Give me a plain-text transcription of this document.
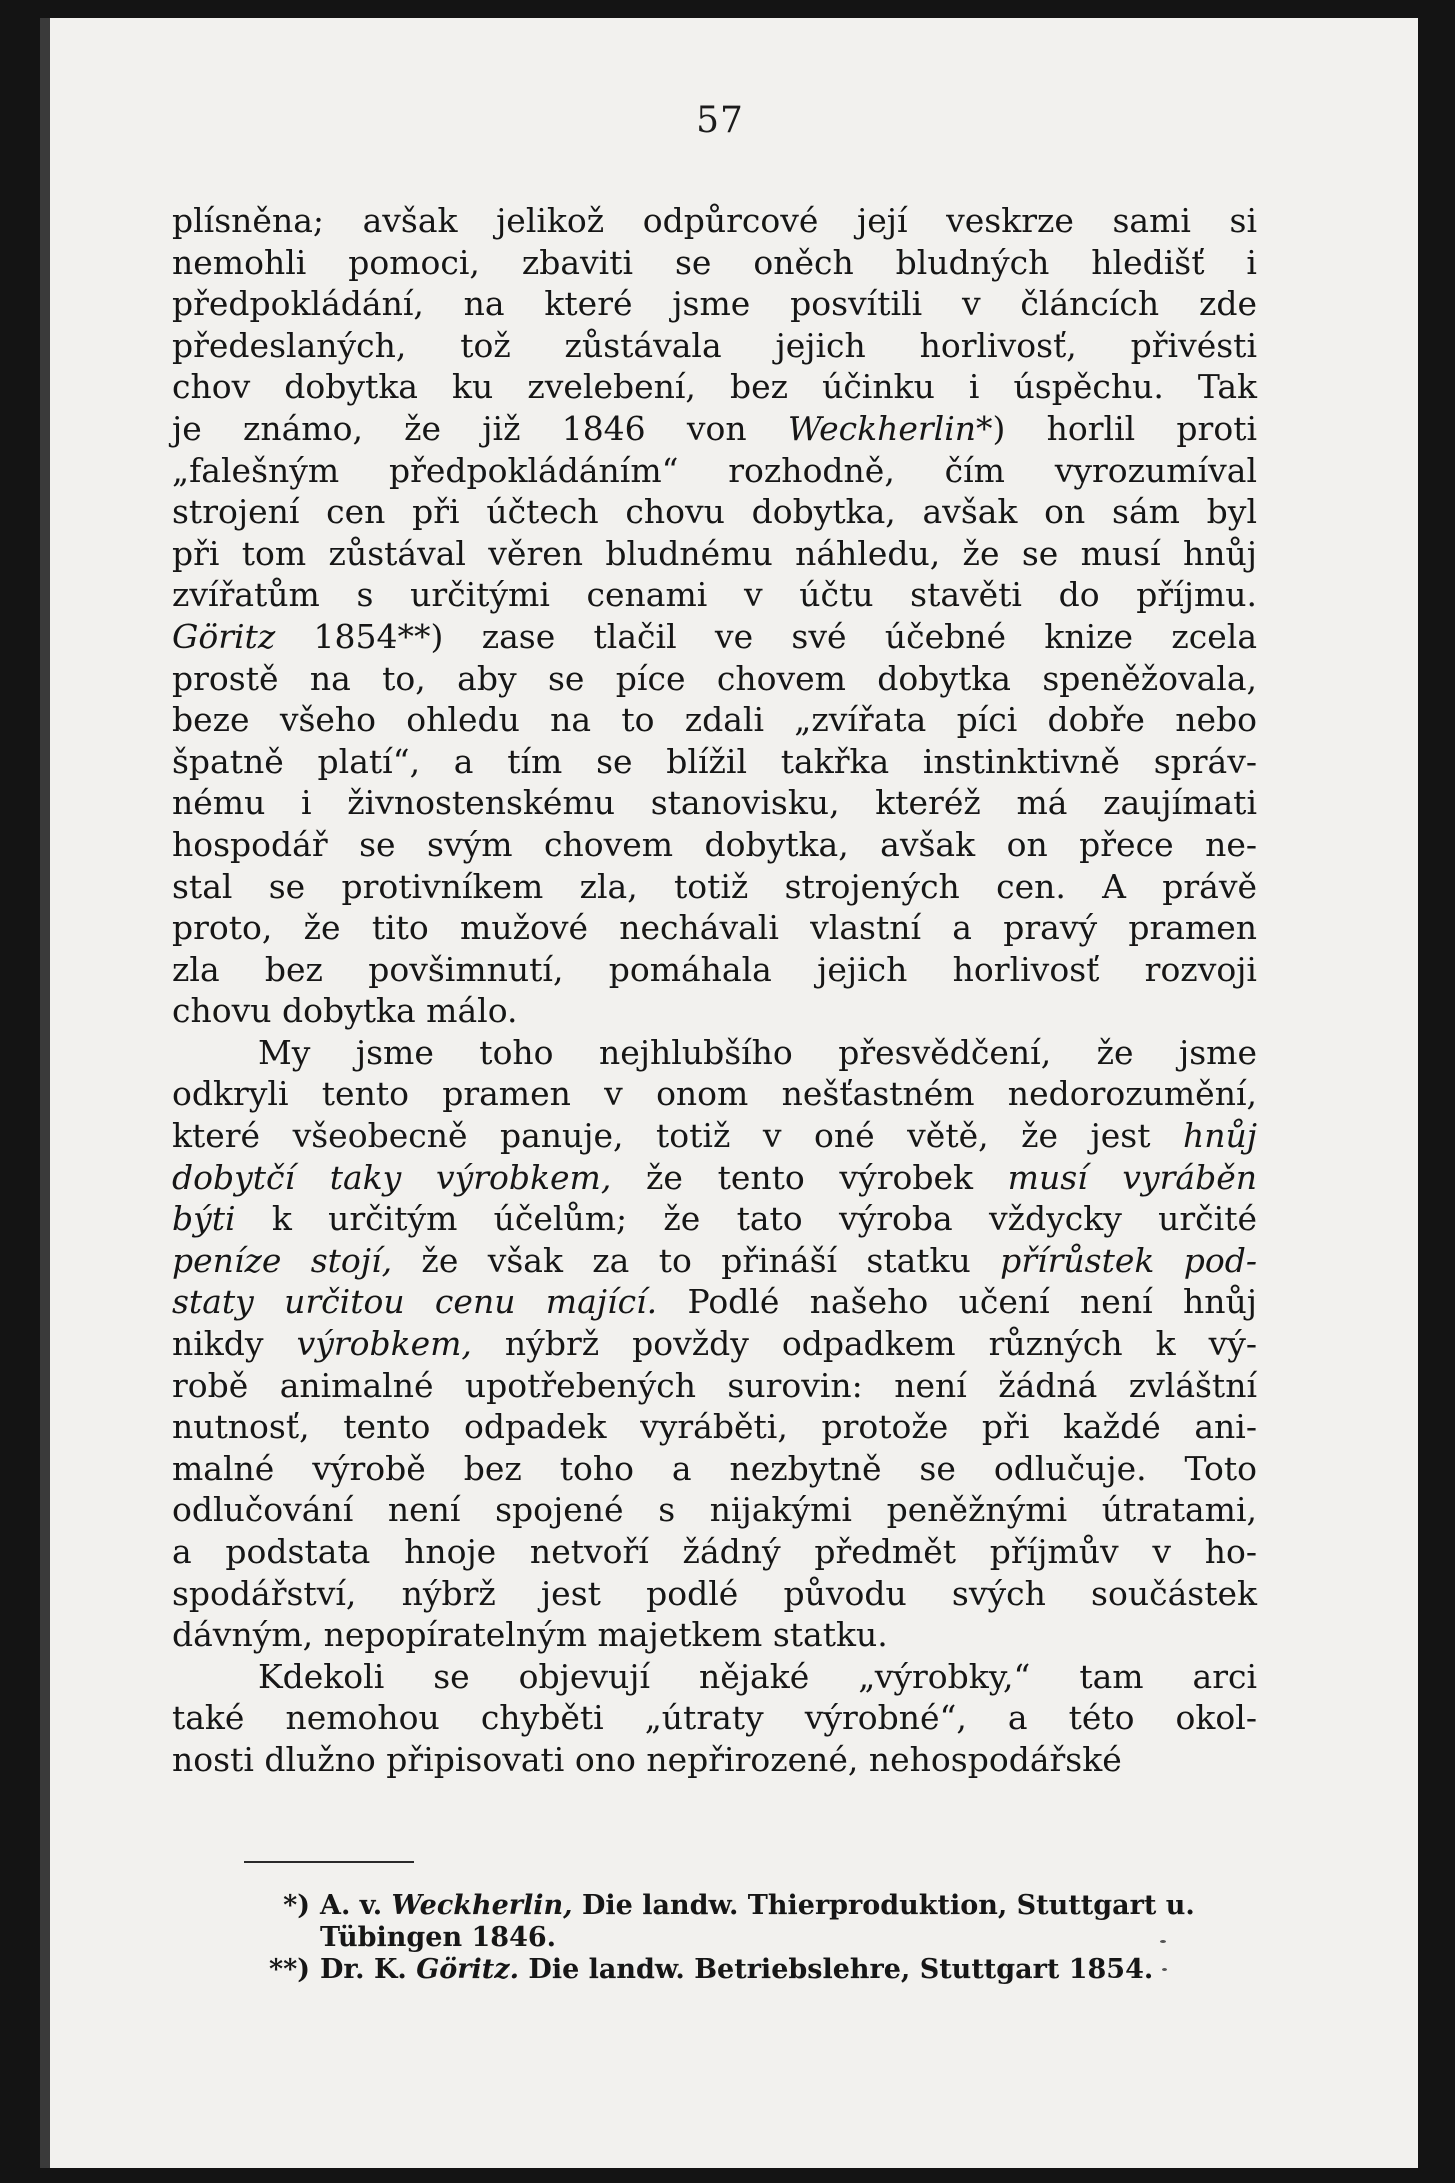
57
plísněna; avšak jelikož odpůrcové její veskrze sami si
nemohli pomoci, zbaviti se oněch bludných hledišť i
předpokládání, na které jsme posvítili v článcích zde
předeslaných, tož zůstávala jejich horlivosť, přivésti
chov dobytka ku zvelebení, bez účinku i úspěchu. Tak
je známo, že již 1846 von Weckherlin*) horlil proti
„falešným předpokládáním“ rozhodně, čím vyrozumíval
strojení cen při účtech chovu dobytka, avšak on sám byl
při tom zůstával věren bludnému náhledu, že se musí hnůj
zvířatům s určitými cenami v účtu stavěti do příjmu.
Göritz 1854**) zase tlačil ve své účebné knize zcela
prostě na to, aby se píce chovem dobytka speněžovala,
beze všeho ohledu na to zdali „zvířata píci dobře nebo
špatně platí“, a tím se blížil takřka instinktivně správ-
nému i živnostenskému stanovisku, kteréž má zaujímati
hospodář se svým chovem dobytka, avšak on přece ne-
stal se protivníkem zla, totiž strojených cen. A právě
proto, že tito mužové nechávali vlastní a pravý pramen
zla bez povšimnutí, pomáhala jejich horlivosť rozvoji
chovu dobytka málo.
My jsme toho nejhlubšího přesvědčení, že jsme
odkryli tento pramen v onom nešťastném nedorozumění,
které všeobecně panuje, totiž v oné větě, že jest hnůj
dobytčí taky výrobkem, že tento výrobek musí vyráběn
býti k určitým účelům; že tato výroba vždycky určité
peníze stojí, že však za to přináší statku přírůstek pod-
staty určitou cenu mající. Podlé našeho učení není hnůj
nikdy výrobkem, nýbrž povždy odpadkem různých k vý-
robě animalné upotřebených surovin: není žádná zvláštní
nutnosť, tento odpadek vyráběti, protože při každé ani-
malné výrobě bez toho a nezbytně se odlučuje. Toto
odlučování není spojené s nijakými peněžnými útratami,
a podstata hnoje netvoří žádný předmět příjmův v ho-
spodářství, nýbrž jest podlé původu svých součástek
dávným, nepopíratelným majetkem statku.
Kdekoli se objevují nějaké „výrobky,“ tam arci
také nemohou chyběti „útraty výrobné“, a této okol-
nosti dlužno připisovati ono nepřirozené, nehospodářské
*) A. v. Weckherlin, Die landw. Thierproduktion, Stuttgart u.
Tübingen 1846.
**) Dr. K. Göritz. Die landw. Betriebslehre, Stuttgart 1854.
